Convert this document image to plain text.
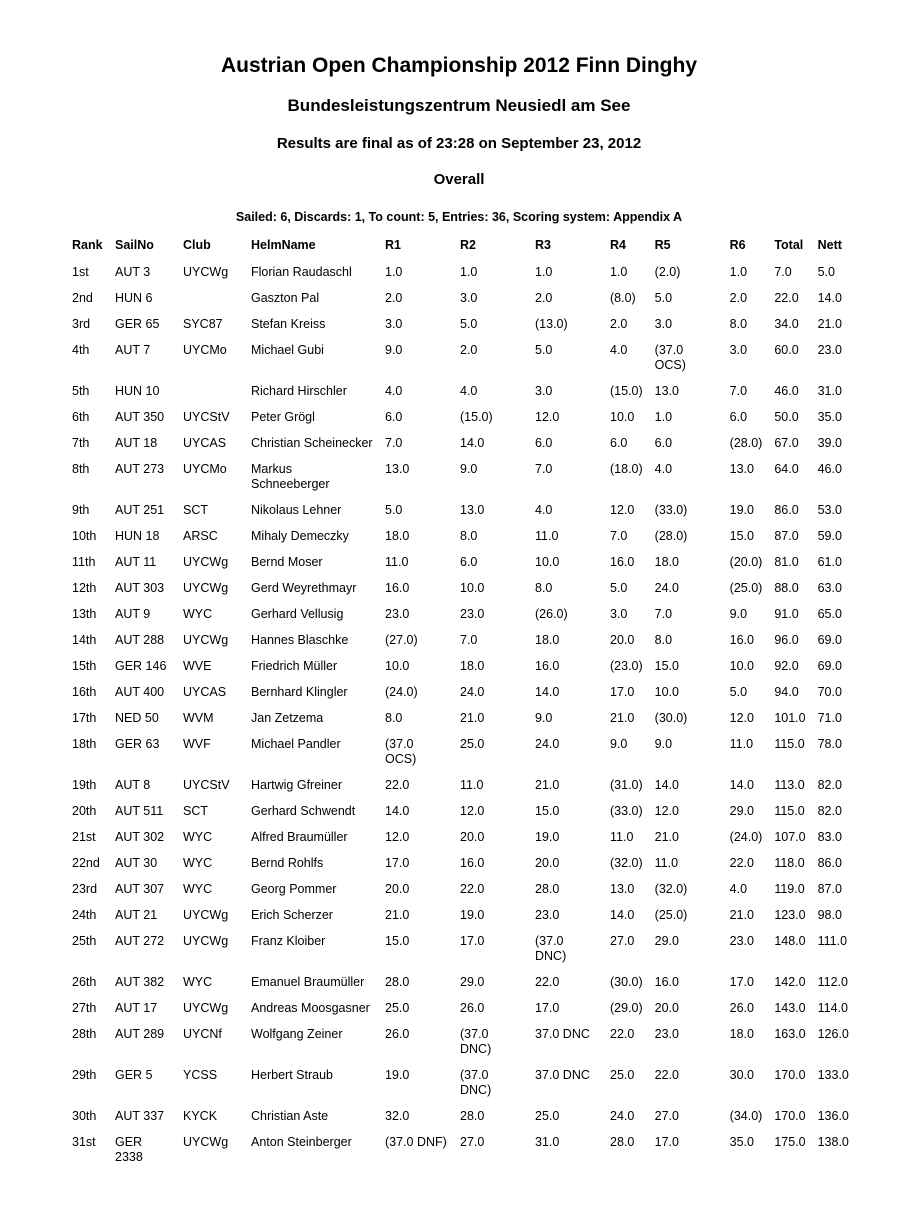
Austrian Open Championship 2012 Finn Dinghy
Bundesleistungszentrum Neusiedl am See
Results are final as of 23:28 on September 23, 2012
Overall
Sailed: 6, Discards: 1, To count: 5, Entries: 36, Scoring system: Appendix A
Rank	SailNo	Club	HelmName	R1	R2	R3	R4	R5	R6	Total	Nett
1st	AUT 3	UYCWg	Florian Raudaschl	1.0	1.0	1.0	1.0	(2.0)	1.0	7.0	5.0
2nd	HUN 6		Gaszton Pal	2.0	3.0	2.0	(8.0)	5.0	2.0	22.0	14.0
3rd	GER 65	SYC87	Stefan Kreiss	3.0	5.0	(13.0)	2.0	3.0	8.0	34.0	21.0
4th	AUT 7	UYCMo	Michael Gubi	9.0	2.0	5.0	4.0	(37.0 OCS)	3.0	60.0	23.0
5th	HUN 10		Richard Hirschler	4.0	4.0	3.0	(15.0)	13.0	7.0	46.0	31.0
6th	AUT 350	UYCStV	Peter Grögl	6.0	(15.0)	12.0	10.0	1.0	6.0	50.0	35.0
7th	AUT 18	UYCAS	Christian Scheinecker	7.0	14.0	6.0	6.0	6.0	(28.0)	67.0	39.0
8th	AUT 273	UYCMo	Markus Schneeberger	13.0	9.0	7.0	(18.0)	4.0	13.0	64.0	46.0
9th	AUT 251	SCT	Nikolaus Lehner	5.0	13.0	4.0	12.0	(33.0)	19.0	86.0	53.0
10th	HUN 18	ARSC	Mihaly Demeczky	18.0	8.0	11.0	7.0	(28.0)	15.0	87.0	59.0
11th	AUT 11	UYCWg	Bernd Moser	11.0	6.0	10.0	16.0	18.0	(20.0)	81.0	61.0
12th	AUT 303	UYCWg	Gerd Weyrethmayr	16.0	10.0	8.0	5.0	24.0	(25.0)	88.0	63.0
13th	AUT 9	WYC	Gerhard Vellusig	23.0	23.0	(26.0)	3.0	7.0	9.0	91.0	65.0
14th	AUT 288	UYCWg	Hannes Blaschke	(27.0)	7.0	18.0	20.0	8.0	16.0	96.0	69.0
15th	GER 146	WVE	Friedrich Müller	10.0	18.0	16.0	(23.0)	15.0	10.0	92.0	69.0
16th	AUT 400	UYCAS	Bernhard Klingler	(24.0)	24.0	14.0	17.0	10.0	5.0	94.0	70.0
17th	NED 50	WVM	Jan Zetzema	8.0	21.0	9.0	21.0	(30.0)	12.0	101.0	71.0
18th	GER 63	WVF	Michael Pandler	(37.0 OCS)	25.0	24.0	9.0	9.0	11.0	115.0	78.0
19th	AUT 8	UYCStV	Hartwig Gfreiner	22.0	11.0	21.0	(31.0)	14.0	14.0	113.0	82.0
20th	AUT 511	SCT	Gerhard Schwendt	14.0	12.0	15.0	(33.0)	12.0	29.0	115.0	82.0
21st	AUT 302	WYC	Alfred Braumüller	12.0	20.0	19.0	11.0	21.0	(24.0)	107.0	83.0
22nd	AUT 30	WYC	Bernd Rohlfs	17.0	16.0	20.0	(32.0)	11.0	22.0	118.0	86.0
23rd	AUT 307	WYC	Georg Pommer	20.0	22.0	28.0	13.0	(32.0)	4.0	119.0	87.0
24th	AUT 21	UYCWg	Erich Scherzer	21.0	19.0	23.0	14.0	(25.0)	21.0	123.0	98.0
25th	AUT 272	UYCWg	Franz Kloiber	15.0	17.0	(37.0 DNC)	27.0	29.0	23.0	148.0	111.0
26th	AUT 382	WYC	Emanuel Braumüller	28.0	29.0	22.0	(30.0)	16.0	17.0	142.0	112.0
27th	AUT 17	UYCWg	Andreas Moosgasner	25.0	26.0	17.0	(29.0)	20.0	26.0	143.0	114.0
28th	AUT 289	UYCNf	Wolfgang Zeiner	26.0	(37.0 DNC)	37.0 DNC	22.0	23.0	18.0	163.0	126.0
29th	GER 5	YCSS	Herbert Straub	19.0	(37.0 DNC)	37.0 DNC	25.0	22.0	30.0	170.0	133.0
30th	AUT 337	KYCK	Christian Aste	32.0	28.0	25.0	24.0	27.0	(34.0)	170.0	136.0
31st	GER 2338	UYCWg	Anton Steinberger	(37.0 DNF)	27.0	31.0	28.0	17.0	35.0	175.0	138.0
